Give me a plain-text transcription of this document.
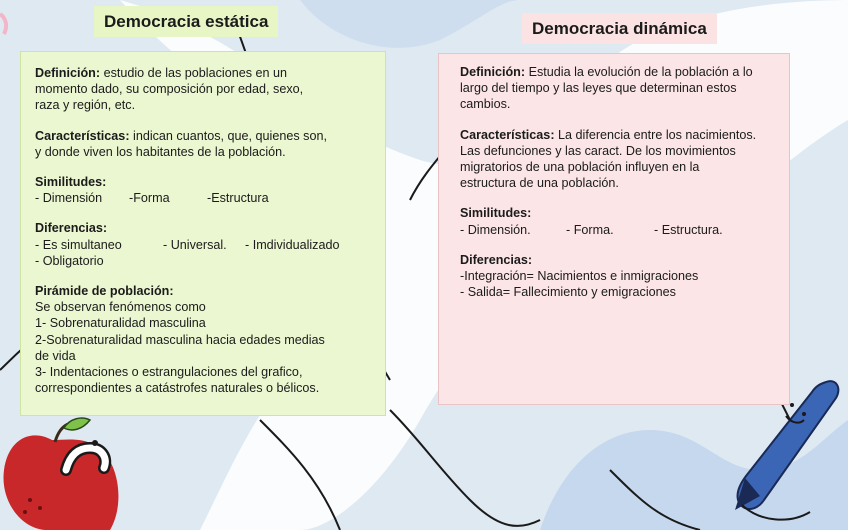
Democracia estática	Democracia dinámica
Definición: estudio de las poblaciones en un
momento dado, su composición por edad, sexo,
raza y región, etc.
Características: indican cuantos, que, quienes son,
y donde viven los habitantes de la población.
Similitudes:
- Dimensión	-Forma	-Estructura
Diferencias:
- Es simultaneo	- Universal.	- Imdividualizado
- Obligatorio
Pirámide de población:
Se observan fenómenos como
1- Sobrenaturalidad masculina
2-Sobrenaturalidad masculina hacia edades medias
de vida
3- Indentaciones o estrangulaciones del grafico,
correspondientes a catástrofes naturales o bélicos.
Definición: Estudia la evolución de la población a lo
largo del tiempo y las leyes que determinan estos
cambios.
Características: La diferencia entre los nacimientos.
Las defunciones y las caract. De los movimientos
migratorios de una población influyen en la
estructura de una población.
Similitudes:
- Dimensión.	- Forma.	- Estructura.
Diferencias:
-Integración= Nacimientos e inmigraciones
- Salida= Fallecimiento y emigraciones
